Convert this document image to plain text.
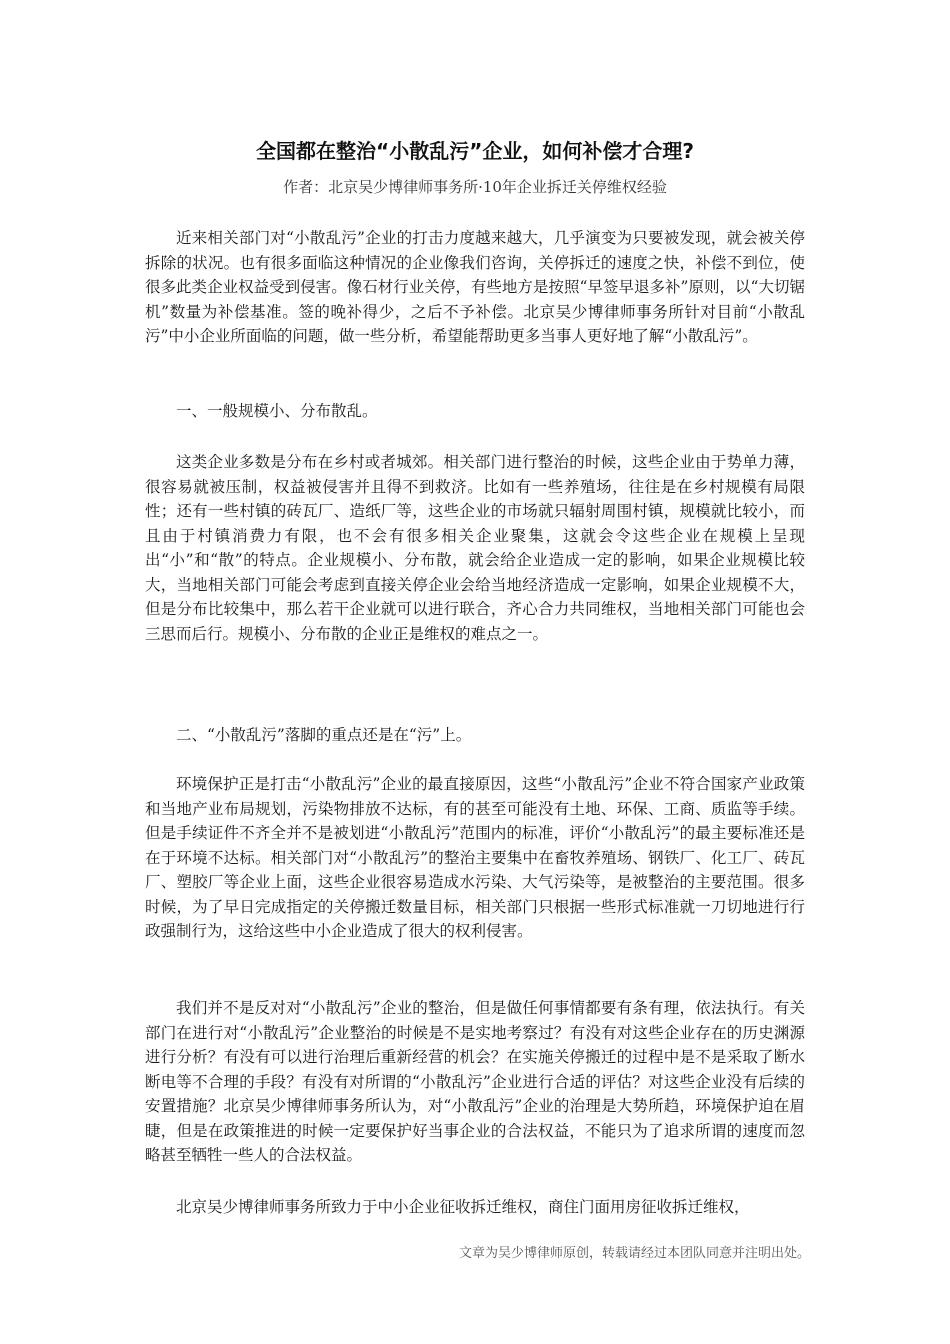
全国都在整治“小散乱污”企业，如何补偿才合理?

作者：北京吴少博律师事务所·10年企业拆迁关停维权经验

近来相关部门对“小散乱污”企业的打击力度越来越大，几乎演变为只要被发现，就会被关停拆除的状况。也有很多面临这种情况的企业像我们咨询，关停拆迁的速度之快，补偿不到位，使很多此类企业权益受到侵害。像石材行业关停，有些地方是按照“早签早退多补”原则，以“大切锯机”数量为补偿基准。签的晚补得少，之后不予补偿。北京吴少博律师事务所针对目前“小散乱污”中小企业所面临的问题，做一些分析，希望能帮助更多当事人更好地了解“小散乱污”。

一、一般规模小、分布散乱。

这类企业多数是分布在乡村或者城郊。相关部门进行整治的时候，这些企业由于势单力薄，很容易就被压制，权益被侵害并且得不到救济。比如有一些养殖场，往往是在乡村规模有局限性；还有一些村镇的砖瓦厂、造纸厂等，这些企业的市场就只辐射周围村镇，规模就比较小，而且由于村镇消费力有限，也不会有很多相关企业聚集，这就会令这些企业在规模上呈现出“小”和“散”的特点。企业规模小、分布散，就会给企业造成一定的影响，如果企业规模比较大，当地相关部门可能会考虑到直接关停企业会给当地经济造成一定影响，如果企业规模不大，但是分布比较集中，那么若干企业就可以进行联合，齐心合力共同维权，当地相关部门可能也会三思而后行。规模小、分布散的企业正是维权的难点之一。

二、“小散乱污”落脚的重点还是在“污”上。

环境保护正是打击“小散乱污”企业的最直接原因，这些“小散乱污”企业不符合国家产业政策和当地产业布局规划，污染物排放不达标，有的甚至可能没有土地、环保、工商、质监等手续。但是手续证件不齐全并不是被划进“小散乱污”范围内的标准，评价“小散乱污”的最主要标准还是在于环境不达标。相关部门对“小散乱污”的整治主要集中在畜牧养殖场、钢铁厂、化工厂、砖瓦厂、塑胶厂等企业上面，这些企业很容易造成水污染、大气污染等，是被整治的主要范围。很多时候，为了早日完成指定的关停搬迁数量目标，相关部门只根据一些形式标准就一刀切地进行行政强制行为，这给这些中小企业造成了很大的权利侵害。

我们并不是反对对“小散乱污”企业的整治，但是做任何事情都要有条有理，依法执行。有关部门在进行对“小散乱污”企业整治的时候是不是实地考察过？有没有对这些企业存在的历史渊源进行分析？有没有可以进行治理后重新经营的机会？在实施关停搬迁的过程中是不是采取了断水断电等不合理的手段？有没有对所谓的“小散乱污”企业进行合适的评估？对这些企业没有后续的安置措施？北京吴少博律师事务所认为，对“小散乱污”企业的治理是大势所趋，环境保护迫在眉睫，但是在政策推进的时候一定要保护好当事企业的合法权益，不能只为了追求所谓的速度而忽略甚至牺牲一些人的合法权益。

北京吴少博律师事务所致力于中小企业征收拆迁维权，商住门面用房征收拆迁维权，

文章为吴少博律师原创，转载请经过本团队同意并注明出处。
